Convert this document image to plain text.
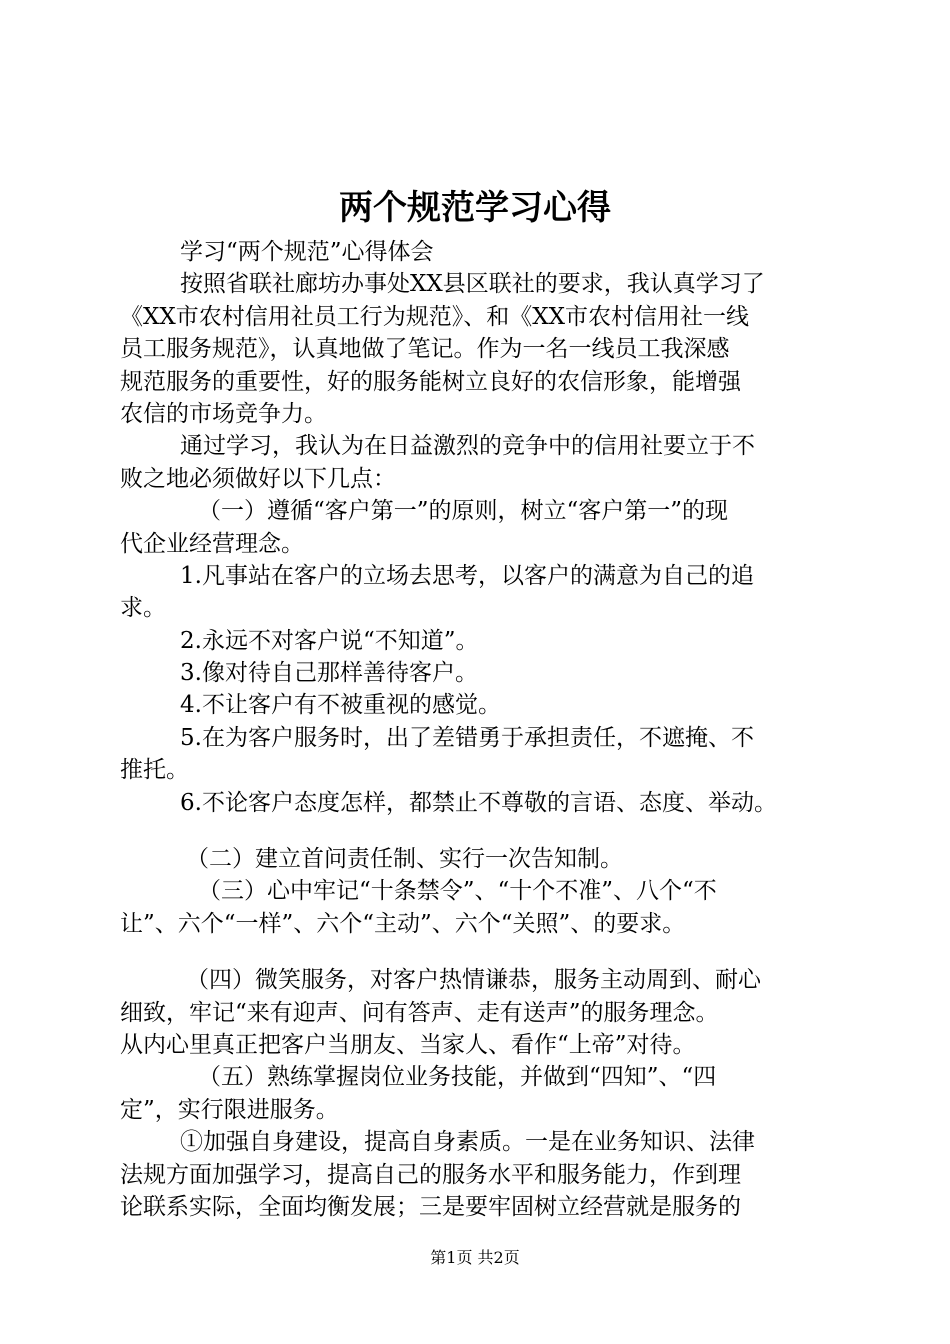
两个规范学习心得
学习“两个规范”心得体会
按照省联社廊坊办事处XX县区联社的要求，我认真学习了
《XX市农村信用社员工行为规范》、和《XX市农村信用社一线
员工服务规范》，认真地做了笔记。作为一名一线员工我深感
规范服务的重要性，好的服务能树立良好的农信形象，能增强
农信的市场竞争力。
通过学习，我认为在日益激烈的竞争中的信用社要立于不
败之地必须做好以下几点：
（一）遵循“客户第一”的原则，树立“客户第一”的现
代企业经营理念。
1.凡事站在客户的立场去思考，以客户的满意为自己的追
求。
2.永远不对客户说“不知道”。
3.像对待自己那样善待客户。
4.不让客户有不被重视的感觉。
5.在为客户服务时，出了差错勇于承担责任，不遮掩、不
推托。
6.不论客户态度怎样，都禁止不尊敬的言语、态度、举动。
（二）建立首问责任制、实行一次告知制。
（三）心中牢记“十条禁令”、“十个不准”、八个“不
让”、六个“一样”、六个“主动”、六个“关照”、的要求。
（四）微笑服务，对客户热情谦恭，服务主动周到、耐心
细致，牢记“来有迎声、问有答声、走有送声”的服务理念。
从内心里真正把客户当朋友、当家人、看作“上帝”对待。
（五）熟练掌握岗位业务技能，并做到“四知”、“四
定”，实行限进服务。
①加强自身建设，提高自身素质。一是在业务知识、法律
法规方面加强学习，提高自己的服务水平和服务能力，作到理
论联系实际，全面均衡发展；三是要牢固树立经营就是服务的
第1页 共2页
